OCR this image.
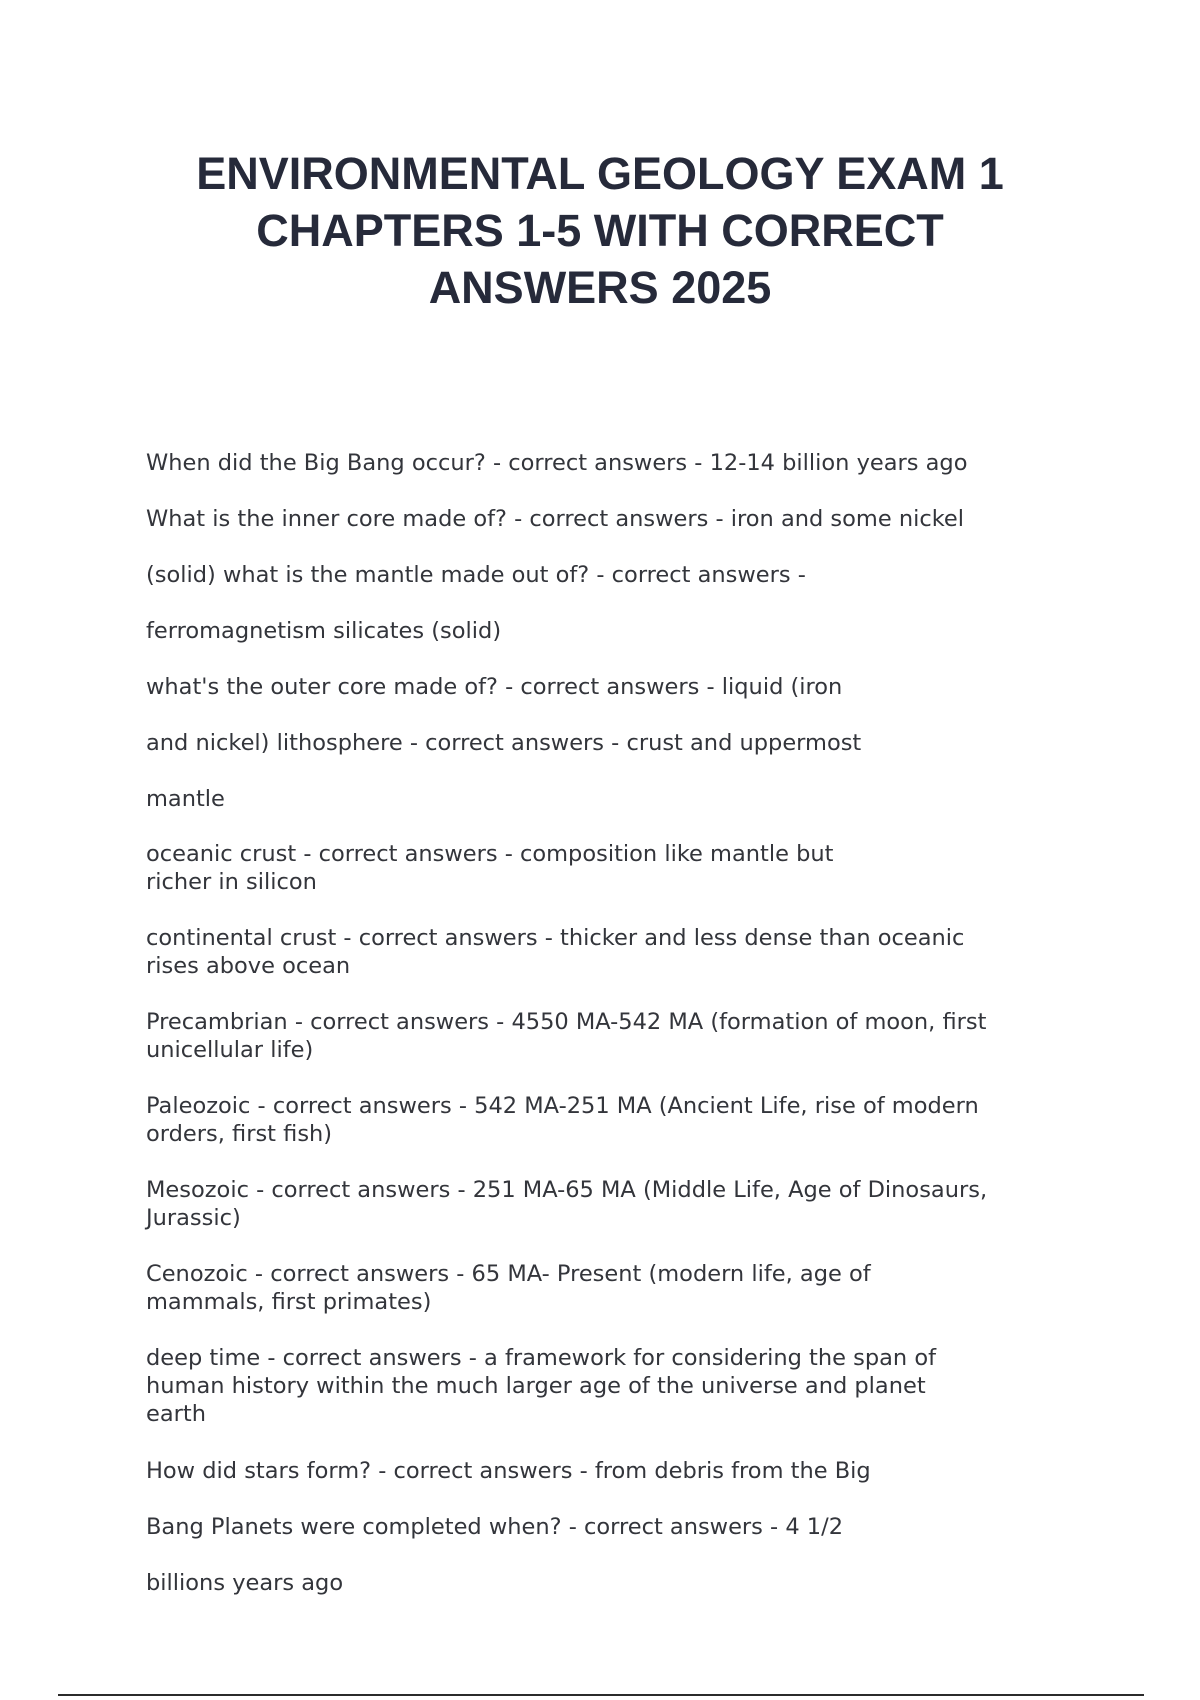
ENVIRONMENTAL GEOLOGY EXAM 1
CHAPTERS 1-5 WITH CORRECT
ANSWERS 2025
When did the Big Bang occur? - correct answers - 12-14 billion years ago
What is the inner core made of? - correct answers - iron and some nickel
(solid) what is the mantle made out of? - correct answers -
ferromagnetism silicates (solid)
what's the outer core made of? - correct answers - liquid (iron
and nickel) lithosphere - correct answers - crust and uppermost
mantle
oceanic crust - correct answers - composition like mantle but
richer in silicon
continental crust - correct answers - thicker and less dense than oceanic
rises above ocean
Precambrian - correct answers - 4550 MA-542 MA (formation of moon, first
unicellular life)
Paleozoic - correct answers - 542 MA-251 MA (Ancient Life, rise of modern
orders, first fish)
Mesozoic - correct answers - 251 MA-65 MA (Middle Life, Age of Dinosaurs,
Jurassic)
Cenozoic - correct answers - 65 MA- Present (modern life, age of
mammals, first primates)
deep time - correct answers - a framework for considering the span of
human history within the much larger age of the universe and planet
earth
How did stars form? - correct answers - from debris from the Big
Bang Planets were completed when? - correct answers - 4 1/2
billions years ago
